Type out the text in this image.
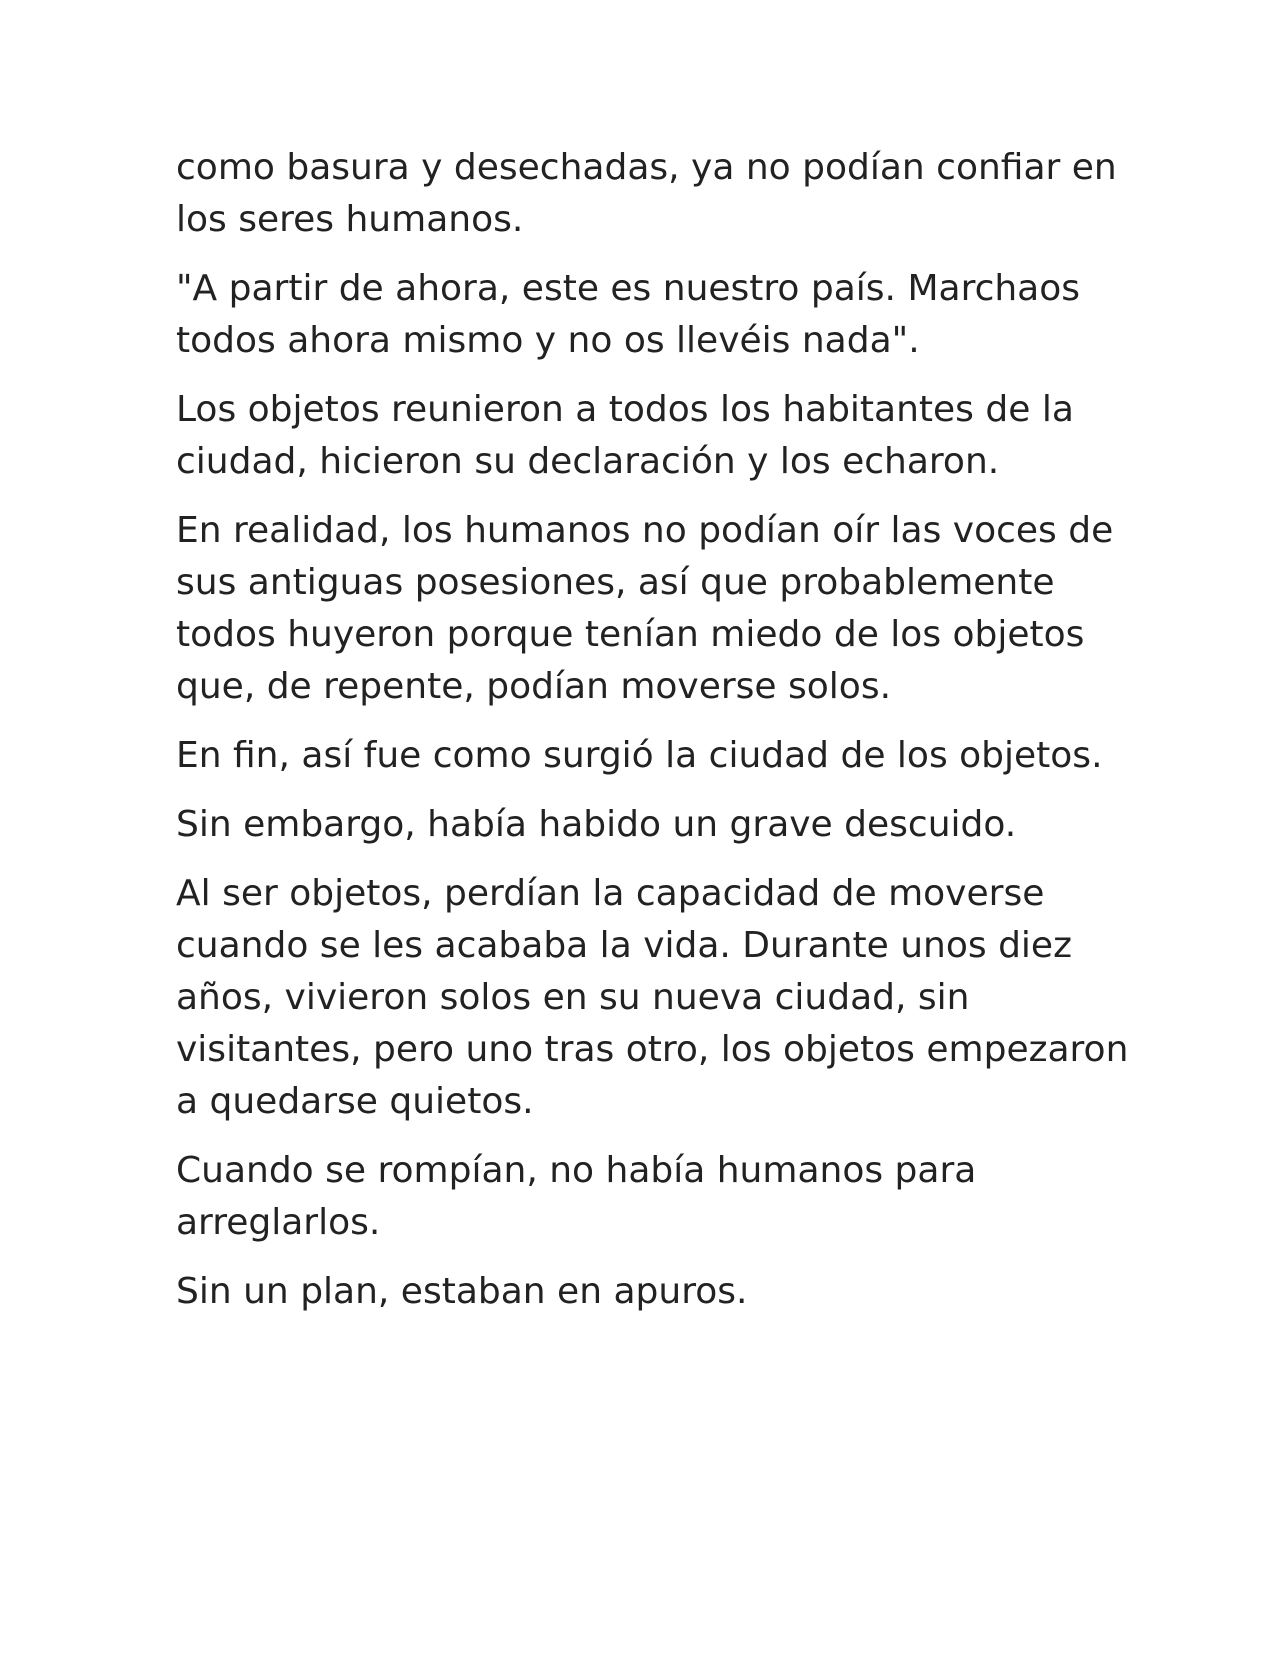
como basura y desechadas, ya no podían confiar en los seres humanos.

"A partir de ahora, este es nuestro país. Marchaos todos ahora mismo y no os llevéis nada".

Los objetos reunieron a todos los habitantes de la ciudad, hicieron su declaración y los echaron.

En realidad, los humanos no podían oír las voces de sus antiguas posesiones, así que probablemente todos huyeron porque tenían miedo de los objetos que, de repente, podían moverse solos.

En fin, así fue como surgió la ciudad de los objetos.

Sin embargo, había habido un grave descuido.

Al ser objetos, perdían la capacidad de moverse cuando se les acababa la vida. Durante unos diez años, vivieron solos en su nueva ciudad, sin visitantes, pero uno tras otro, los objetos empezaron a quedarse quietos.

Cuando se rompían, no había humanos para arreglarlos.

Sin un plan, estaban en apuros.
